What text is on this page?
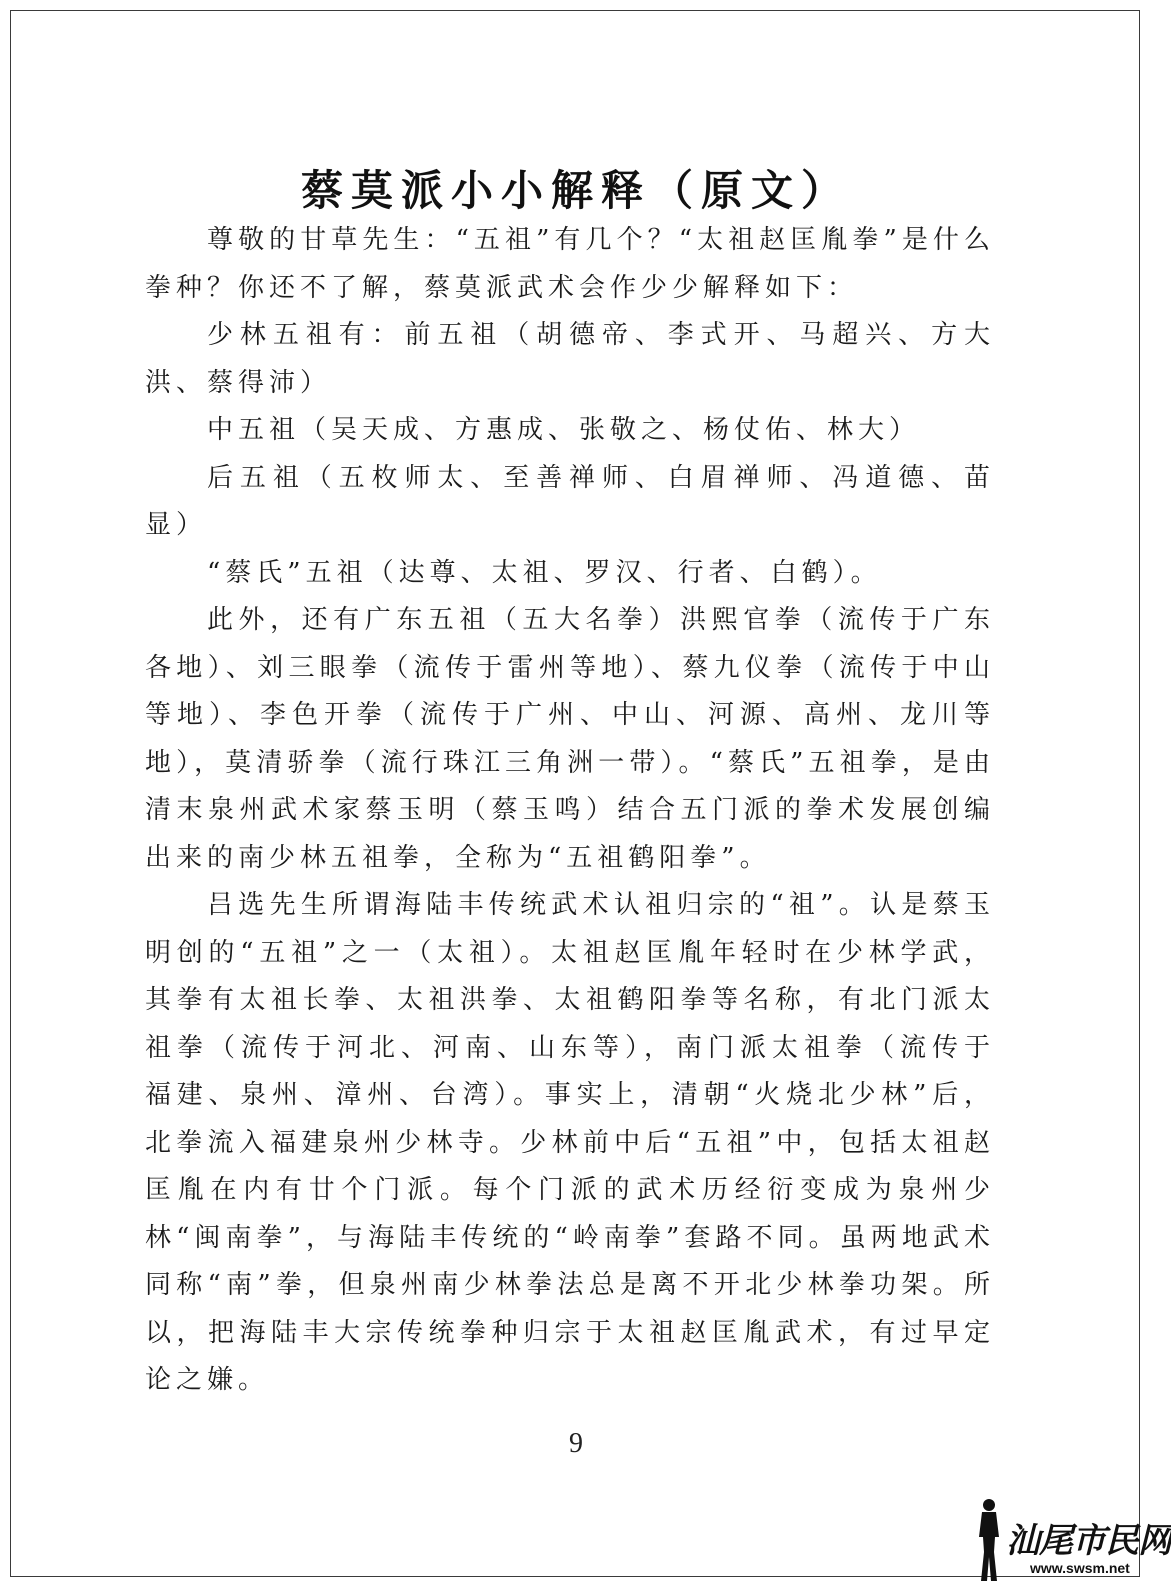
蔡莫派小小解释（原文）

尊敬的甘草先生：“五祖”有几个？“太祖赵匡胤拳”是什么拳种？你还不了解，蔡莫派武术会作少少解释如下：

少林五祖有：前五祖（胡德帝、李式开、马超兴、方大洪、蔡得沛）

中五祖（吴天成、方惠成、张敬之、杨仗佑、林大）

后五祖（五枚师太、至善禅师、白眉禅师、冯道德、苗显）

“蔡氏”五祖（达尊、太祖、罗汉、行者、白鹤）。

此外，还有广东五祖（五大名拳）洪熙官拳（流传于广东各地）、刘三眼拳（流传于雷州等地）、蔡九仪拳（流传于中山等地）、李色开拳（流传于广州、中山、河源、高州、龙川等地），莫清骄拳（流行珠江三角洲一带）。“蔡氏”五祖拳，是由清末泉州武术家蔡玉明（蔡玉鸣）结合五门派的拳术发展创编出来的南少林五祖拳，全称为“五祖鹤阳拳”。

吕选先生所谓海陆丰传统武术认祖归宗的“祖”。认是蔡玉明创的“五祖”之一（太祖）。太祖赵匡胤年轻时在少林学武，其拳有太祖长拳、太祖洪拳、太祖鹤阳拳等名称，有北门派太祖拳（流传于河北、河南、山东等），南门派太祖拳（流传于福建、泉州、漳州、台湾）。事实上，清朝“火烧北少林”后，北拳流入福建泉州少林寺。少林前中后“五祖”中，包括太祖赵匡胤在内有廿个门派。每个门派的武术历经衍变成为泉州少林“闽南拳”，与海陆丰传统的“岭南拳”套路不同。虽两地武术同称“南”拳，但泉州南少林拳法总是离不开北少林拳功架。所以，把海陆丰大宗传统拳种归宗于太祖赵匡胤武术，有过早定论之嫌。

9
汕尾市民网
www.swsm.net
